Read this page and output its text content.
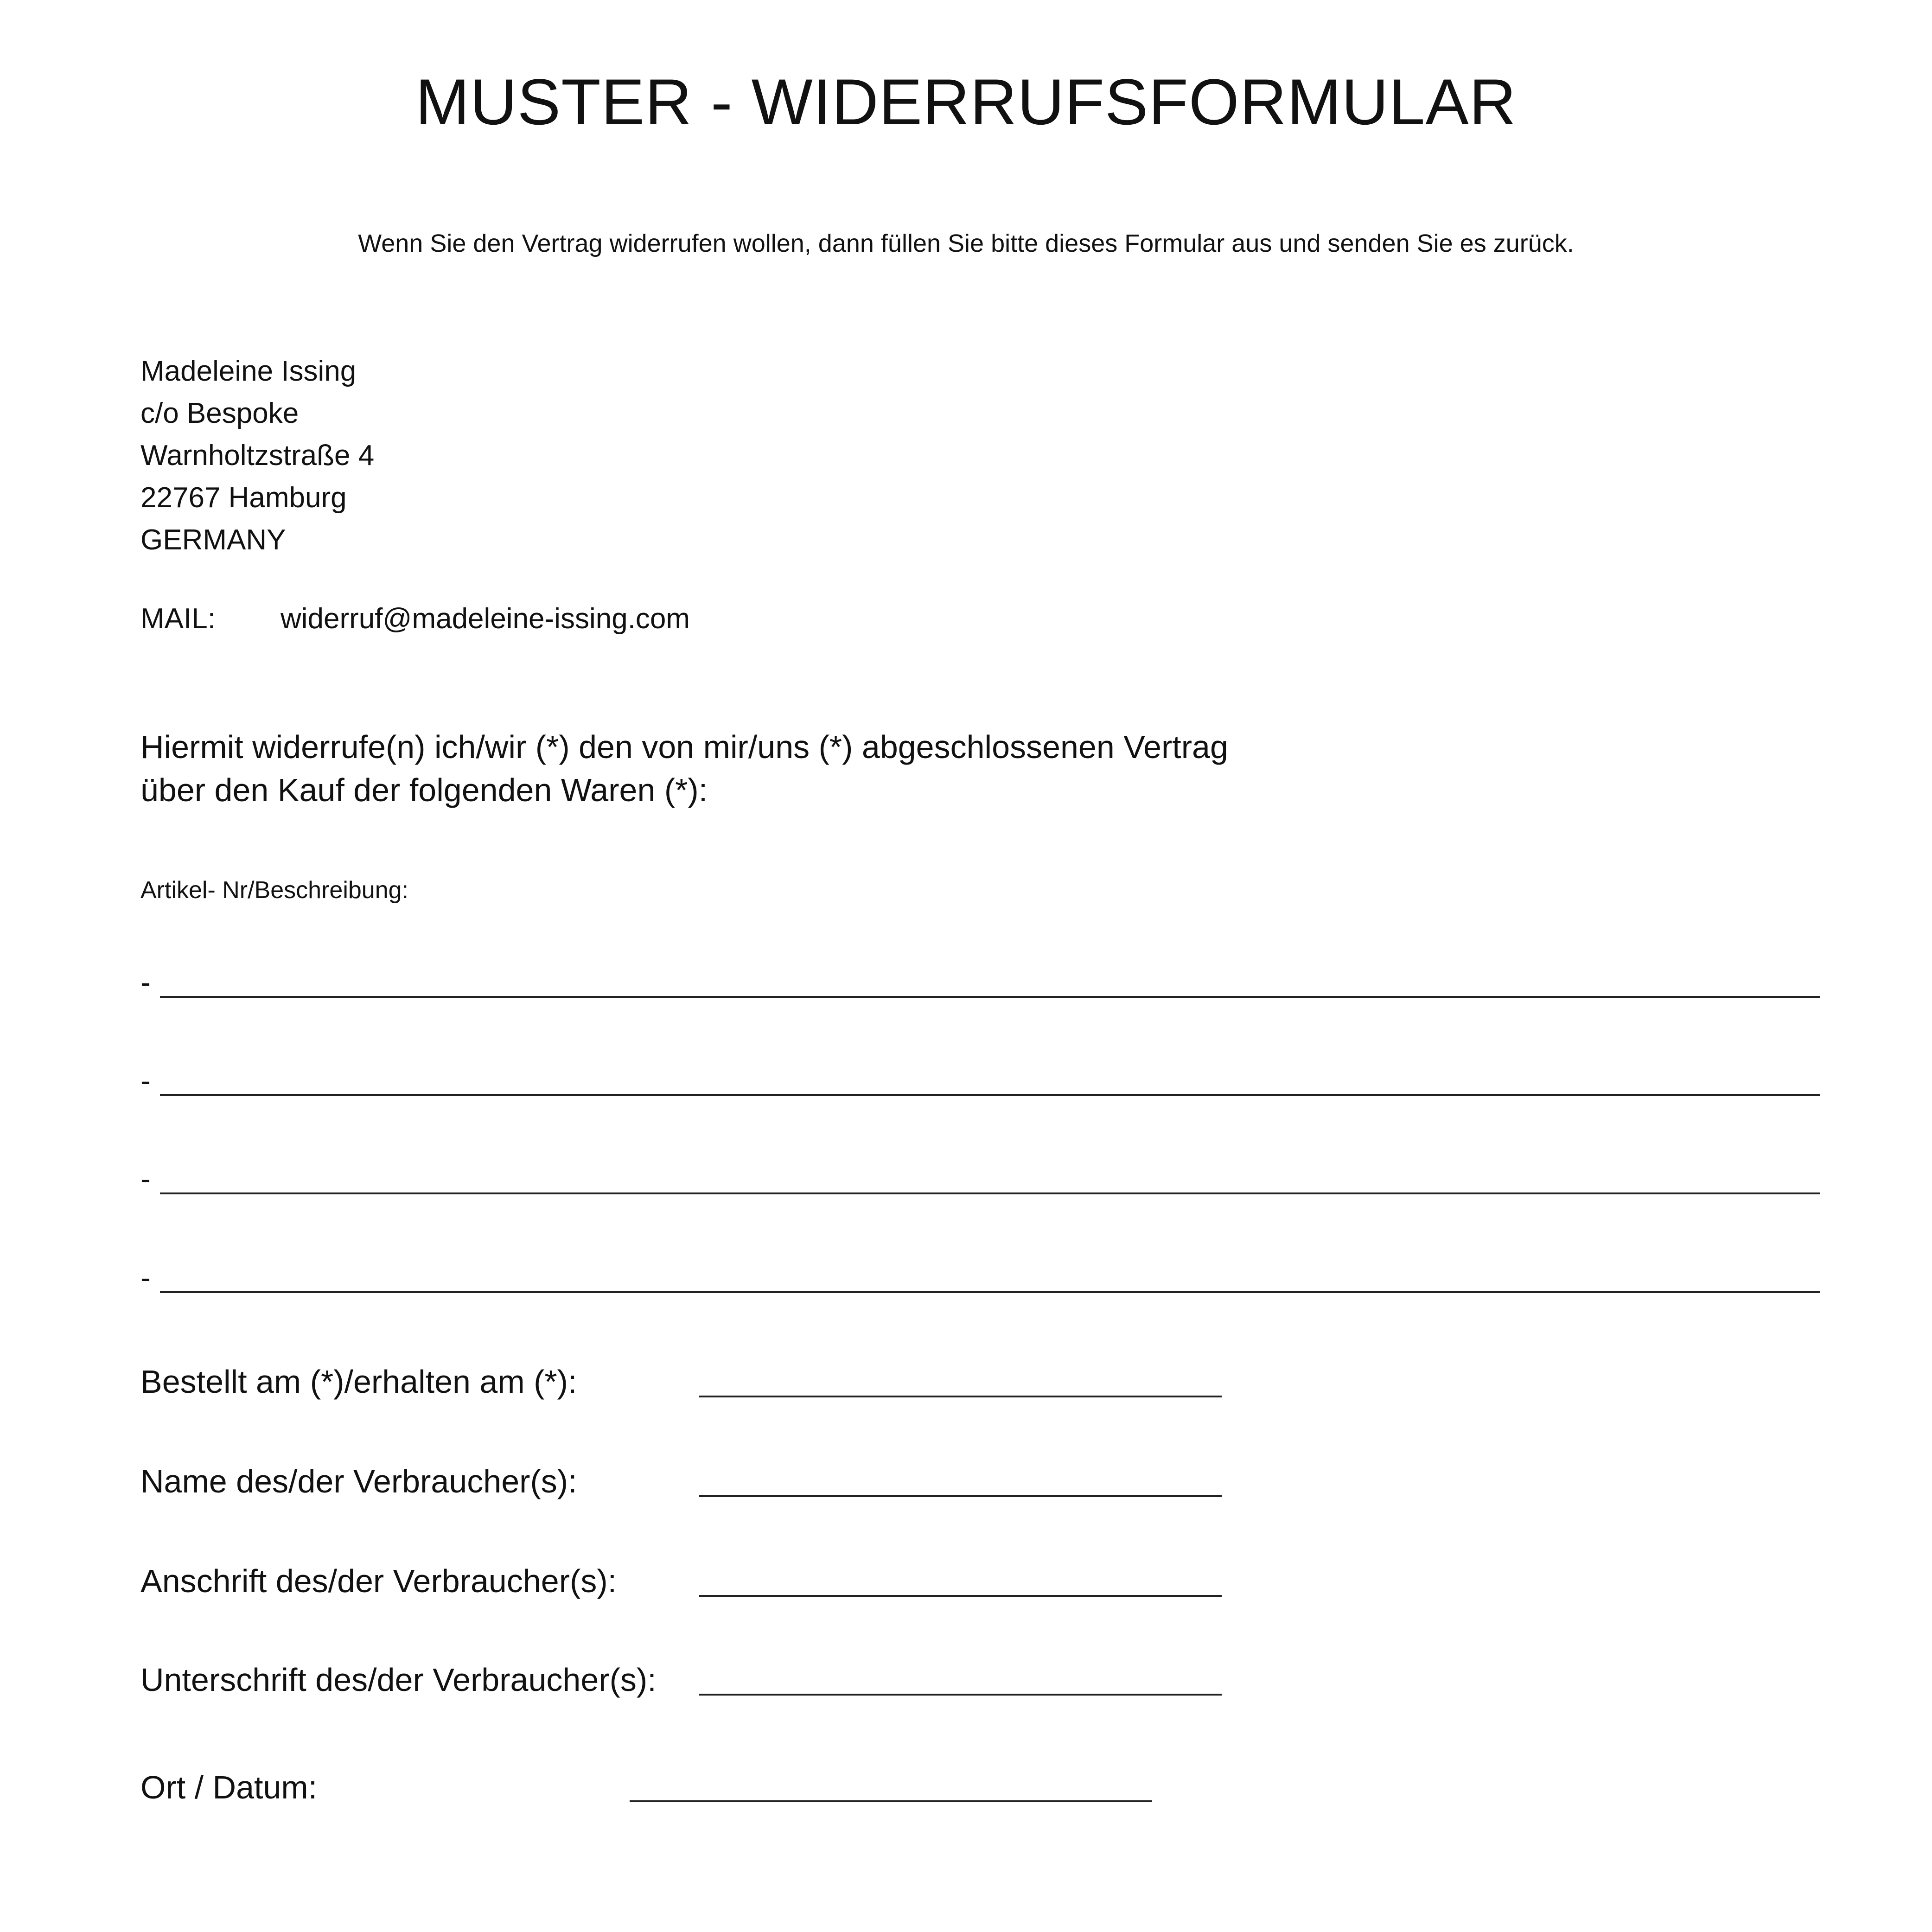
MUSTER - WIDERRUFSFORMULAR
Wenn Sie den Vertrag widerrufen wollen, dann füllen Sie bitte dieses Formular aus und senden Sie es zurück.
Madeleine Issing
c/o Bespoke
Warnholtzstraße 4
22767 Hamburg
GERMANY
MAIL: widerruf@madeleine-issing.com
Hiermit widerrufe(n) ich/wir (*) den von mir/uns (*) abgeschlossenen Vertrag
über den Kauf der folgenden Waren (*):
Artikel- Nr/Beschreibung:
-
-
-
-
Bestellt am (*)/erhalten am (*):
Name des/der Verbraucher(s):
Anschrift des/der Verbraucher(s):
Unterschrift des/der Verbraucher(s):
Ort / Datum:
